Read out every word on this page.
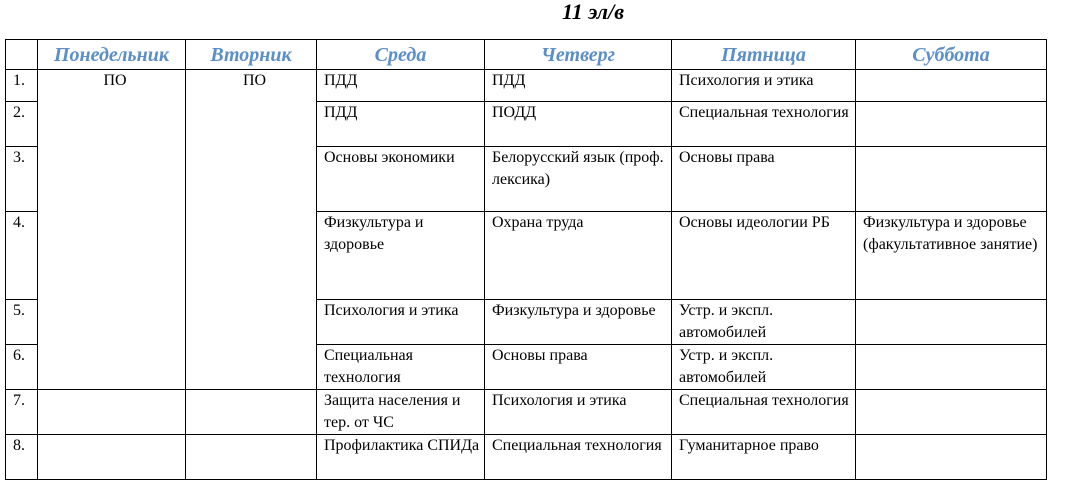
11 эл/в
	Понедельник	Вторник	Среда	Четверг	Пятница	Суббота
1.	ПО	ПО	ПДД	ПДД	Психология и этика	
2.			ПДД	ПОДД	Специальная технология	
3.			Основы экономики	Белорусский язык (проф. лексика)	Основы права	
4.			Физкультура и здоровье	Охрана труда	Основы идеологии РБ	Физкультура и здоровье (факультативное занятие)
5.			Психология и этика	Физкультура и здоровье	Устр. и экспл. автомобилей	
6.			Специальная технология	Основы права	Устр. и экспл. автомобилей	
7.			Защита населения и тер. от ЧС	Психология и этика	Специальная технология	
8.			Профилактика СПИДа	Специальная технология	Гуманитарное право	
